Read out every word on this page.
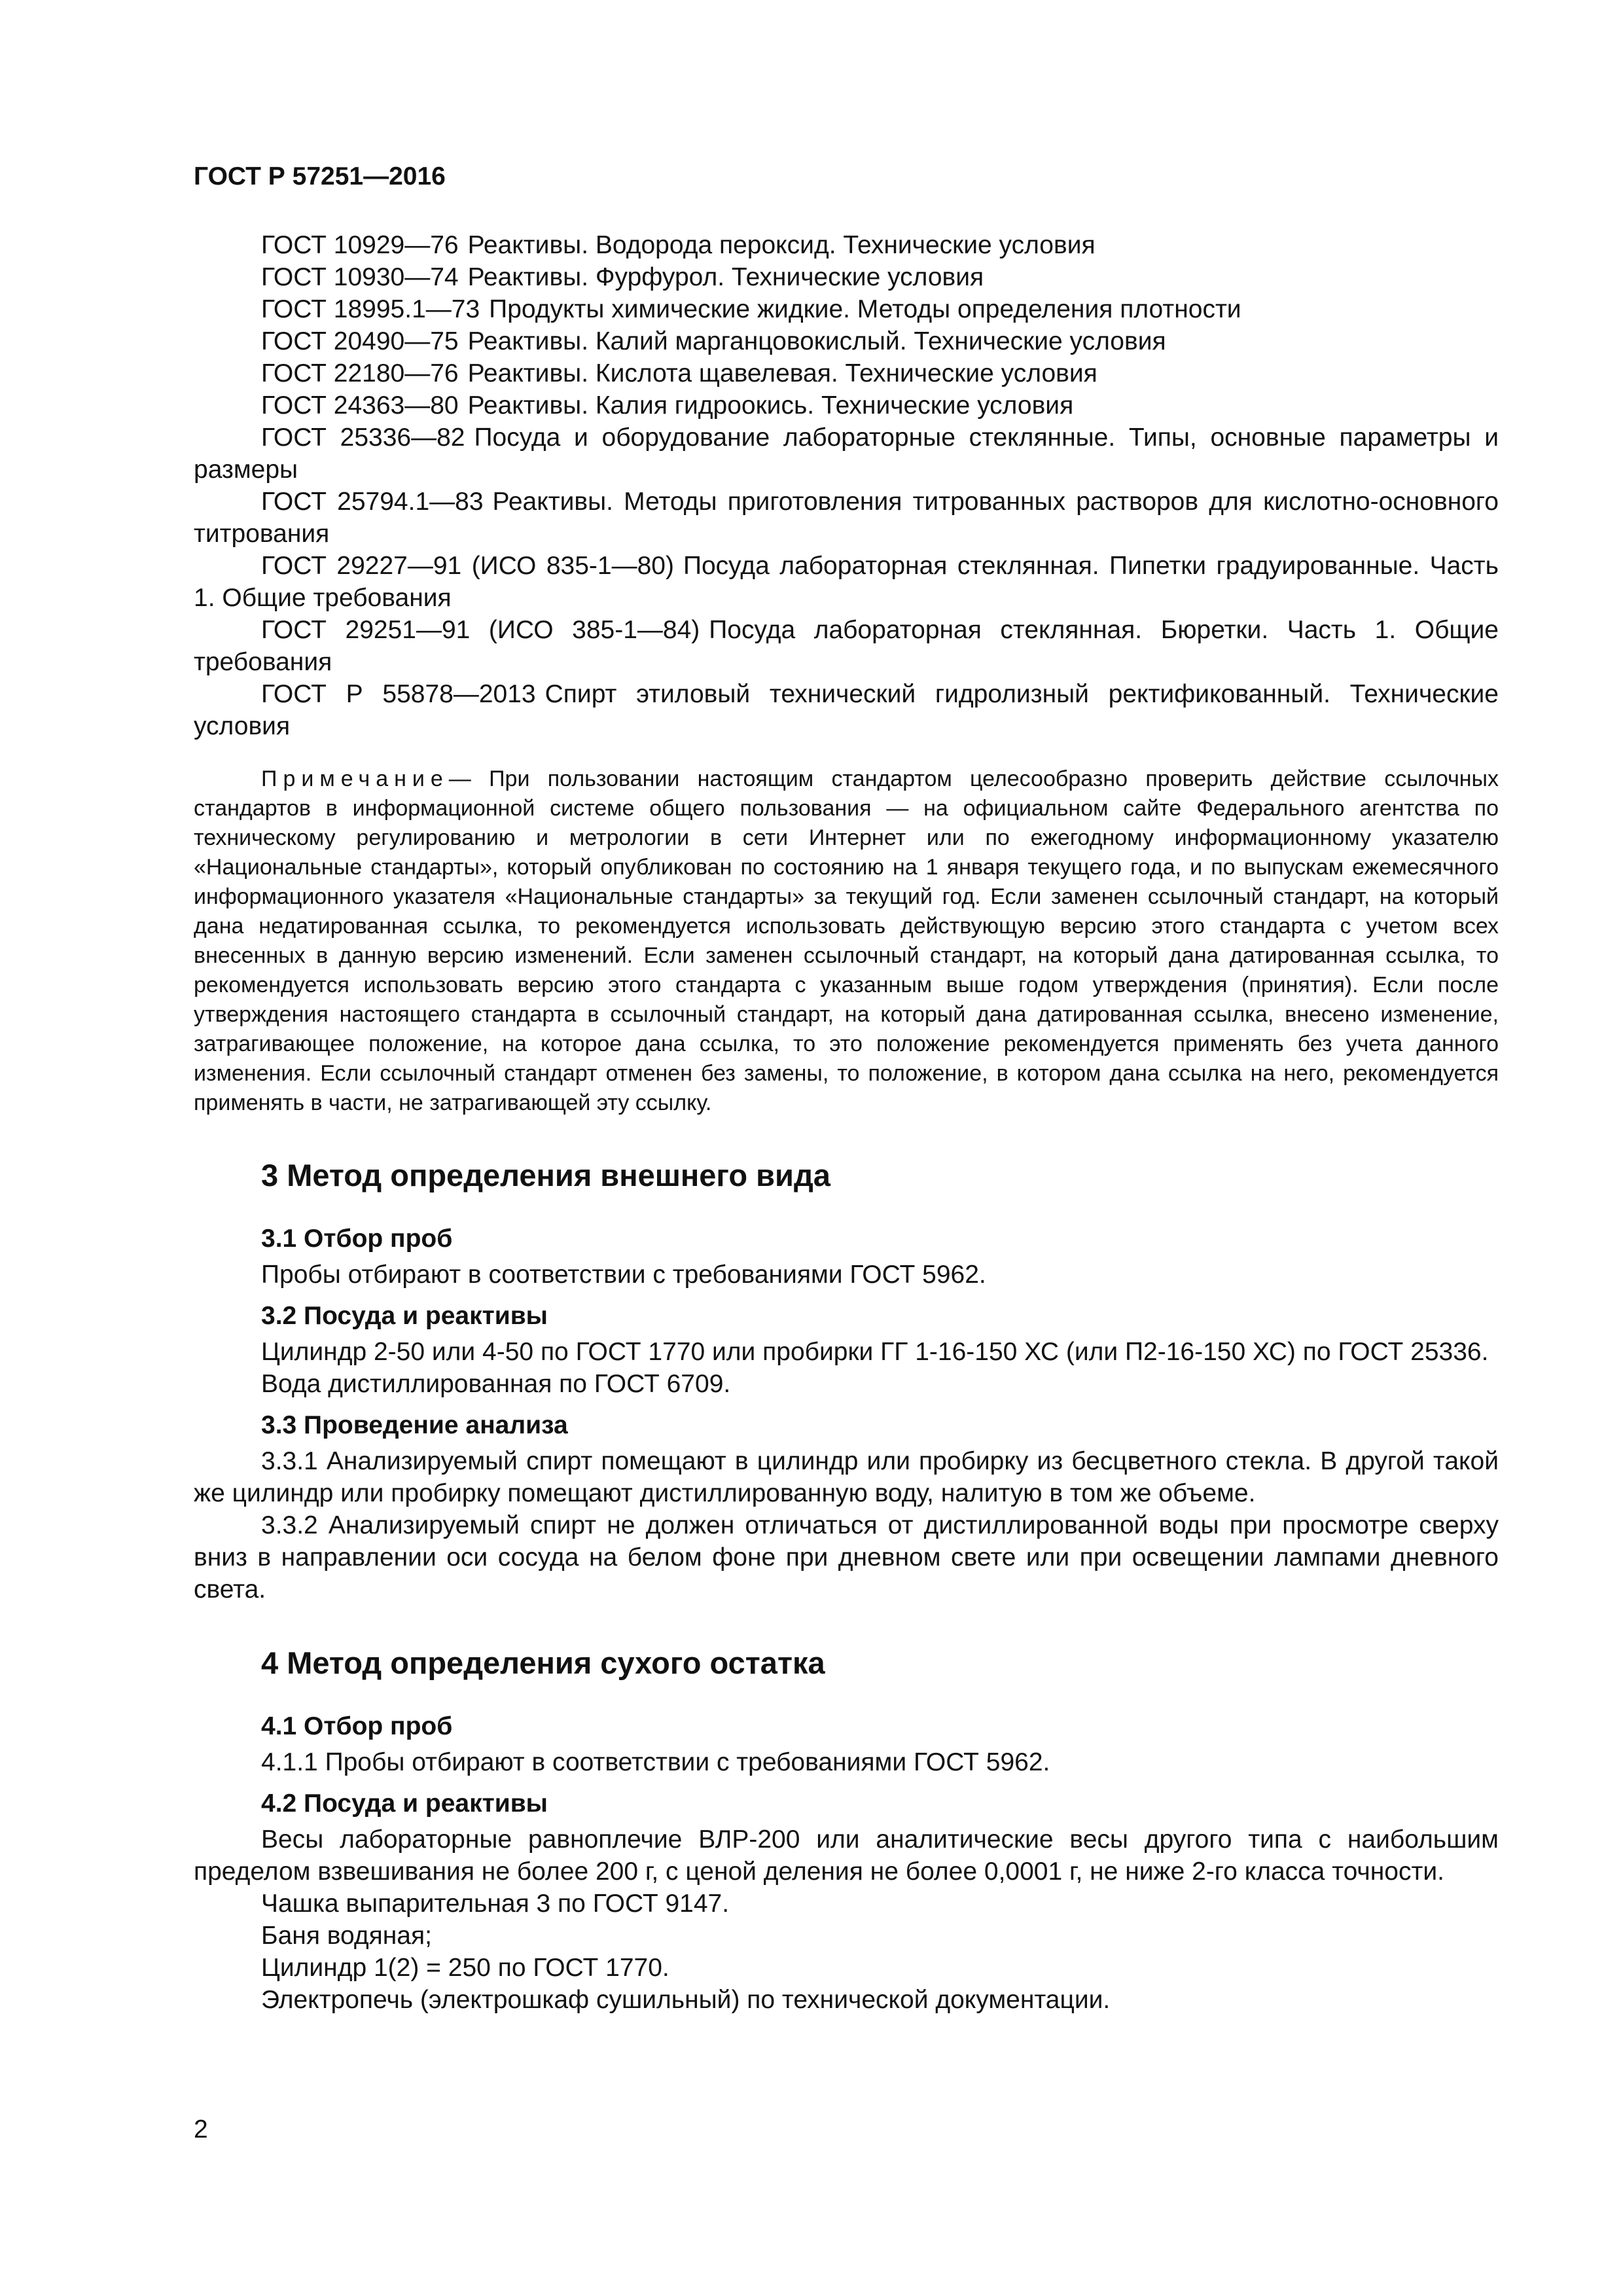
ГОСТ Р 57251—2016

ГОСТ 10929—76 Реактивы. Водорода пероксид. Технические условия

ГОСТ 10930—74 Реактивы. Фурфурол. Технические условия

ГОСТ 18995.1—73 Продукты химические жидкие. Методы определения плотности

ГОСТ 20490—75 Реактивы. Калий марганцовокислый. Технические условия

ГОСТ 22180—76 Реактивы. Кислота щавелевая. Технические условия

ГОСТ 24363—80 Реактивы. Калия гидроокись. Технические условия

ГОСТ 25336—82 Посуда и оборудование лабораторные стеклянные. Типы, основные параметры и размеры

ГОСТ 25794.1—83 Реактивы. Методы приготовления титрованных растворов для кислотно-основного титрования

ГОСТ 29227—91 (ИСО 835-1—80) Посуда лабораторная стеклянная. Пипетки градуированные. Часть 1. Общие требования

ГОСТ 29251—91 (ИСО 385-1—84) Посуда лабораторная стеклянная. Бюретки. Часть 1. Общие требования

ГОСТ Р 55878—2013 Спирт этиловый технический гидролизный ректификованный. Технические условия

Примечание— При пользовании настоящим стандартом целесообразно проверить действие ссылочных стандартов в информационной системе общего пользования — на официальном сайте Федерального агентства по техническому регулированию и метрологии в сети Интернет или по ежегодному информационному указателю «Национальные стандарты», который опубликован по состоянию на 1 января текущего года, и по выпускам ежемесячного информационного указателя «Национальные стандарты» за текущий год. Если заменен ссылочный стандарт, на который дана недатированная ссылка, то рекомендуется использовать действующую версию этого стандарта с учетом всех внесенных в данную версию изменений. Если заменен ссылочный стандарт, на который дана датированная ссылка, то рекомендуется использовать версию этого стандарта с указанным выше годом утверждения (принятия). Если после утверждения настоящего стандарта в ссылочный стандарт, на который дана датированная ссылка, внесено изменение, затрагивающее положение, на которое дана ссылка, то это положение рекомендуется применять без учета данного изменения. Если ссылочный стандарт отменен без замены, то положение, в котором дана ссылка на него, рекомендуется применять в части, не затрагивающей эту ссылку.

3 Метод определения внешнего вида
3.1 Отбор проб

Пробы отбирают в соответствии с требованиями ГОСТ 5962.

3.2 Посуда и реактивы

Цилиндр 2-50 или 4-50 по ГОСТ 1770 или пробирки ГГ 1-16-150 ХС (или П2-16-150 ХС) по ГОСТ 25336.

Вода дистиллированная по ГОСТ 6709.

3.3 Проведение анализа

3.3.1 Анализируемый спирт помещают в цилиндр или пробирку из бесцветного стекла. В другой такой же цилиндр или пробирку помещают дистиллированную воду, налитую в том же объеме.

3.3.2 Анализируемый спирт не должен отличаться от дистиллированной воды при просмотре сверху вниз в направлении оси сосуда на белом фоне при дневном свете или при освещении лампами дневного света.

4 Метод определения сухого остатка
4.1 Отбор проб

4.1.1 Пробы отбирают в соответствии с требованиями ГОСТ 5962.

4.2 Посуда и реактивы

Весы лабораторные равноплечие ВЛР-200 или аналитические весы другого типа с наибольшим пределом взвешивания не более 200 г, с ценой деления не более 0,0001 г, не ниже 2-го класса точности.

Чашка выпарительная 3 по ГОСТ 9147.

Баня водяная;

Цилиндр 1(2) = 250 по ГОСТ 1770.

Электропечь (электрошкаф сушильный) по технической документации.

2
